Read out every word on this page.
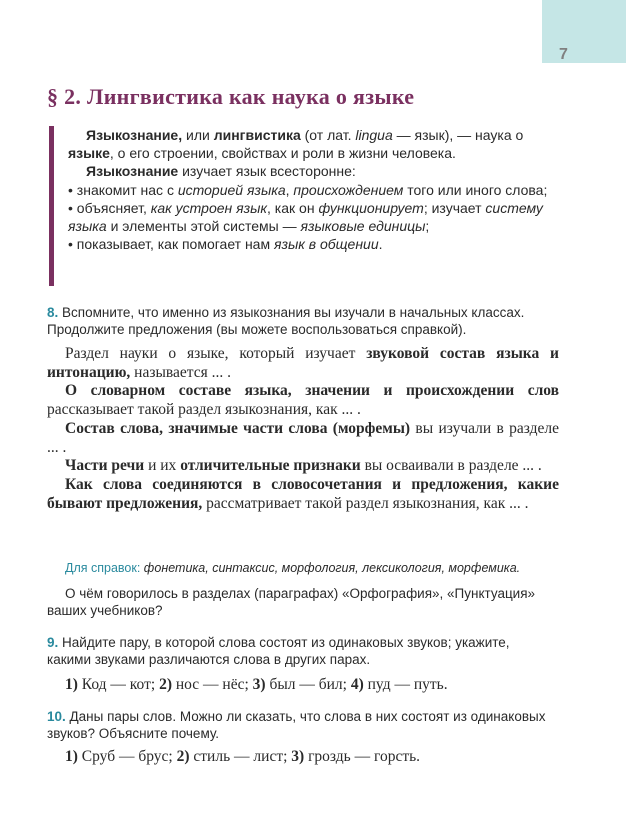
7
§ 2. Лингвистика как наука о языке

Языкознание, или лингвистика (от лат. lingua — язык), — наука о языке, о его строении, свойствах и роли в жизни человека.

Языкознание изучает язык всесторонне:

• знакомит нас с историей языка, происхождением того или иного слова;

• объясняет, как устроен язык, как он функционирует; изучает систему языка и элементы этой системы — языковые единицы;

• показывает, как помогает нам язык в общении.

8. Вспомните, что именно из языкознания вы изучали в начальных классах. Продолжите предложения (вы можете воспользоваться справкой).

Раздел науки о языке, который изучает звуковой состав языка и интонацию, называется ... .

О словарном составе языка, значении и происхождении слов рассказывает такой раздел языкознания, как ... .

Состав слова, значимые части слова (морфемы) вы изучали в разделе ... .

Части речи и их отличительные признаки вы осваивали в разделе ... .

Как слова соединяются в словосочетания и предложения, какие бывают предложения, рассматривает такой раздел языкознания, как ... .

Для справок: фонетика, синтаксис, морфология, лексикология, морфемика.

О чём говорилось в разделах (параграфах) «Орфография», «Пунктуация» ваших учебников?

9. Найдите пару, в которой слова состоят из одинаковых звуков; укажите, какими звуками различаются слова в других парах.

1) Код — кот; 2) нос — нёс; 3) был — бил; 4) пуд — путь.

10. Даны пары слов. Можно ли сказать, что слова в них состоят из одинаковых звуков? Объясните почему.

1) Сруб — брус; 2) стиль — лист; 3) гроздь — горсть.
